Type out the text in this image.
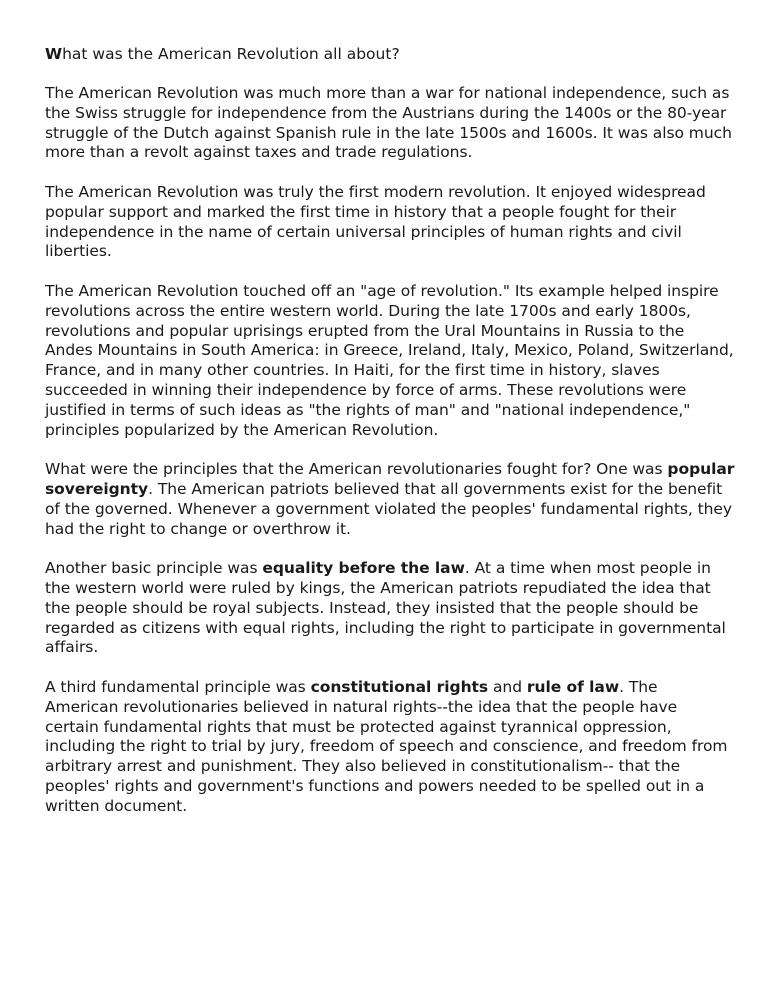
What was the American Revolution all about?

The American Revolution was much more than a war for national independence, such as the Swiss struggle for independence from the Austrians during the 1400s or the 80-year struggle of the Dutch against Spanish rule in the late 1500s and 1600s. It was also much more than a revolt against taxes and trade regulations.

The American Revolution was truly the first modern revolution. It enjoyed widespread popular support and marked the first time in history that a people fought for their independence in the name of certain universal principles of human rights and civil liberties.

The American Revolution touched off an "age of revolution." Its example helped inspire revolutions across the entire western world. During the late 1700s and early 1800s, revolutions and popular uprisings erupted from the Ural Mountains in Russia to the Andes Mountains in South America: in Greece, Ireland, Italy, Mexico, Poland, Switzerland, France, and in many other countries. In Haiti, for the first time in history, slaves succeeded in winning their independence by force of arms. These revolutions were justified in terms of such ideas as "the rights of man" and "national independence," principles popularized by the American Revolution.

What were the principles that the American revolutionaries fought for? One was popular sovereignty. The American patriots believed that all governments exist for the benefit of the governed. Whenever a government violated the peoples' fundamental rights, they had the right to change or overthrow it.

Another basic principle was equality before the law. At a time when most people in the western world were ruled by kings, the American patriots repudiated the idea that the people should be royal subjects. Instead, they insisted that the people should be regarded as citizens with equal rights, including the right to participate in governmental affairs.

A third fundamental principle was constitutional rights and rule of law. The American revolutionaries believed in natural rights--the idea that the people have certain fundamental rights that must be protected against tyrannical oppression, including the right to trial by jury, freedom of speech and conscience, and freedom from arbitrary arrest and punishment. They also believed in constitutionalism-- that the peoples' rights and government's functions and powers needed to be spelled out in a written document.
